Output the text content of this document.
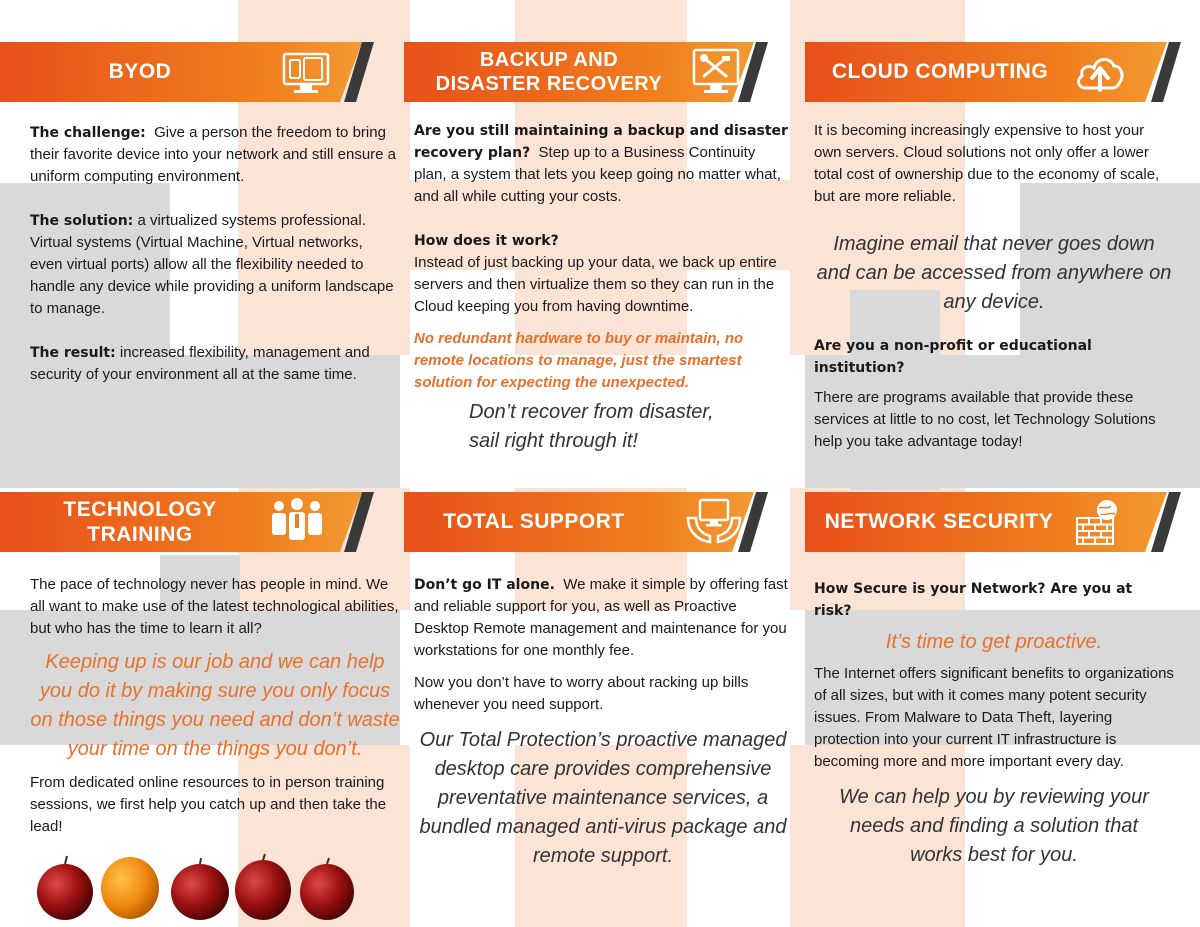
BYOD
BACKUP AND
DISASTER RECOVERY
CLOUD COMPUTING
TECHNOLOGY
TRAINING
TOTAL SUPPORT	NETWORK SECURITY

The challenge: Give a person the freedom to bring their favorite device into your network and still ensure a uniform computing environment.

The solution: a virtualized systems professional. Virtual systems (Virtual Machine, Virtual networks, even virtual ports) allow all the flexibility needed to handle any device while providing a uniform landscape to manage.

The result: increased flexibility, management and security of your environment all at the same time.

Are you still maintaining a backup and disaster recovery plan? Step up to a Business Continuity plan, a system that lets you keep going no matter what, and all while cutting your costs.

How does it work?
Instead of just backing up your data, we back up entire servers and then virtualize them so they can run in the Cloud keeping you from having downtime.

No redundant hardware to buy or maintain, no remote locations to manage, just the smartest solution for expecting the unexpected.

Don’t recover from disaster,
sail right through it!

It is becoming increasingly expensive to host your own servers. Cloud solutions not only offer a lower total cost of ownership due to the economy of scale, but are more reliable.

Imagine email that never goes down and can be accessed from anywhere on any device.

Are you a non-profit or educational institution?

There are programs available that provide these services at little to no cost, let Technology Solutions help you take advantage today!

The pace of technology never has people in mind. We all want to make use of the latest technological abilities, but who has the time to learn it all?

Keeping up is our job and we can help you do it by making sure you only focus on those things you need and don’t waste your time on the things you don’t.

From dedicated online resources to in person training sessions, we first help you catch up and then take the lead!

Don’t go IT alone. We make it simple by offering fast and reliable support for you, as well as Proactive Desktop Remote management and maintenance for you workstations for one monthly fee.

Now you don’t have to worry about racking up bills whenever you need support.

Our Total Protection’s proactive managed desktop care provides comprehensive preventative maintenance services, a bundled managed anti-virus package and remote support.

How Secure is your Network? Are you at risk?

It’s time to get proactive.

The Internet offers significant benefits to organizations of all sizes, but with it comes many potent security issues. From Malware to Data Theft, layering protection into your current IT infrastructure is becoming more and more important every day.

We can help you by reviewing your needs and finding a solution that works best for you.
